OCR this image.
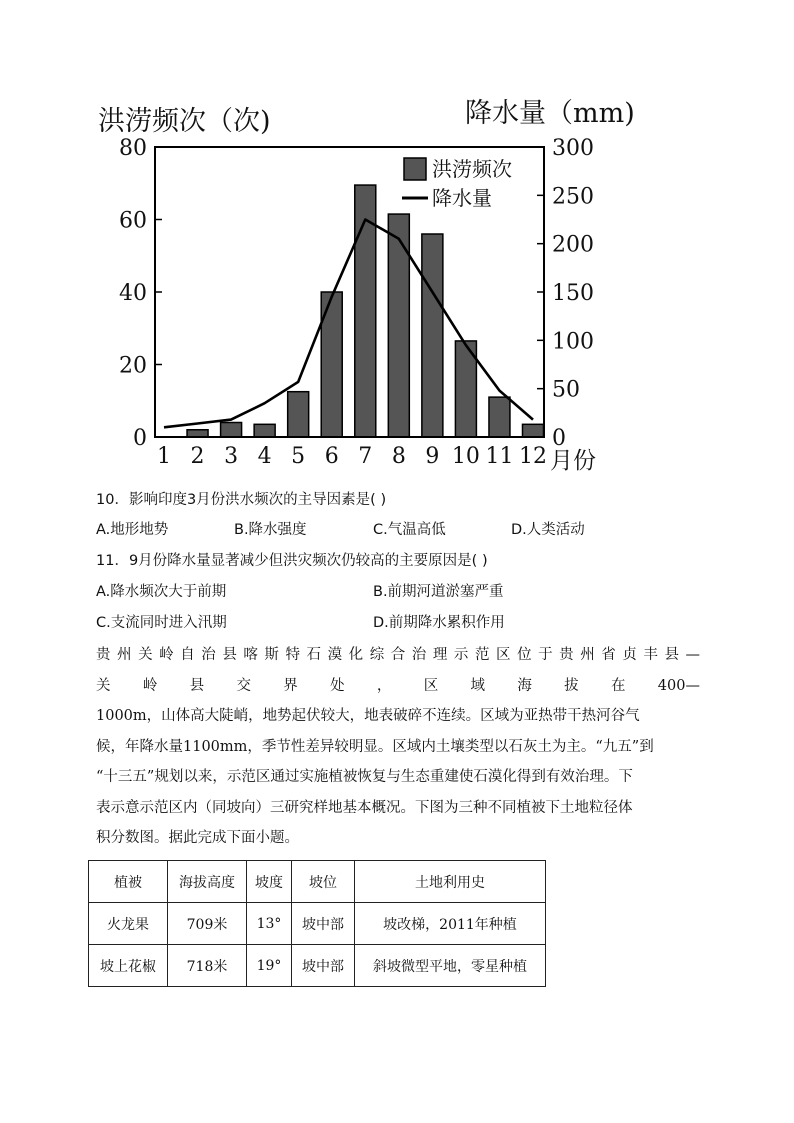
洪涝频次（次)	降水量（mm)
0
20
40
60
80
0
50
100
150
200
250
300
1 2 3 4 5 6 7 8 9 10 11 12 月份
洪涝频次
降水量
10．影响印度3月份洪水频次的主导因素是( )
A.地形地势	B.降水强度	C.气温高低	D.人类活动
11．9月份降水量显著减少但洪灾频次仍较高的主要原因是( )
A.降水频次大于前期	B.前期河道淤塞严重
C.支流同时进入汛期	D.前期降水累积作用
贵州关岭自治县喀斯特石漠化综合治理示范区位于贵州省贞丰县—
关岭县交界处，区域海拔在400—
1000m，山体高大陡峭，地势起伏较大，地表破碎不连续。区域为亚热带干热河谷气
候，年降水量1100mm，季节性差异较明显。区域内土壤类型以石灰土为主。“九五”到
“十三五”规划以来，示范区通过实施植被恢复与生态重建使石漠化得到有效治理。下
表示意示范区内（同坡向）三研究样地基本概况。下图为三种不同植被下土地粒径体
积分数图。据此完成下面小题。
植被	海拔高度	坡度	坡位	土地利用史
火龙果	709米	13°	坡中部	坡改梯，2011年种植
坡上花椒	718米	19°	坡中部	斜坡微型平地，零星种植
